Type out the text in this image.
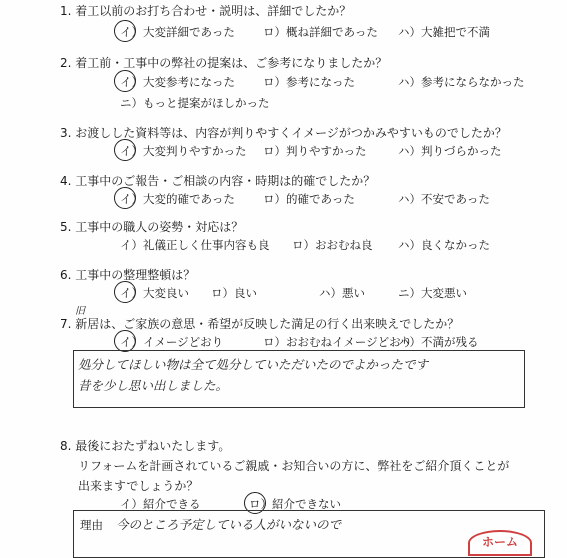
1. 着工以前のお打ち合わせ・説明は、詳細でしたか？
イ）大変詳細であった ロ）概ね詳細であった ハ）大雑把で不満
2. 着工前・工事中の弊社の提案は、ご参考になりましたか？
イ）大変参考になった ロ）参考になった	ハ）参考にならなかった
ニ）もっと提案がほしかった
3. お渡しした資料等は、内容が判りやすくイメージがつかみやすいものでしたか？
イ）大変判りやすかった ロ）判りやすかった	ハ）判りづらかった
4. 工事中のご報告・ご相談の内容・時期は的確でしたか？
イ）大変的確であった ロ）的確であった	ハ）不安であった
5. 工事中の職人の姿勢・対応は？
イ）礼儀正しく仕事内容も良 ロ）おおむね良 ハ）良くなかった
6. 工事中の整理整頓は？
イ）大変良い ロ）良い	ハ）悪い	ニ）大変悪い
旧
7. 新居は、ご家族の意思・希望が反映した満足の行く出来映えでしたか？
イ）イメージどおり	ロ）おおむねイメージどおり
ハ）不満が残る
処分してほしい物は全て処分していただいたのでよかったです
昔を少し思い出しました。
8. 最後におたずねいたします。
リフォームを計画されているご親戚・お知合いの方に、弊社をご紹介頂くことが
出来ますでしょうか？
イ）紹介できる	ロ）紹介できない
理由 今のところ予定している人がいないので
ホーム
